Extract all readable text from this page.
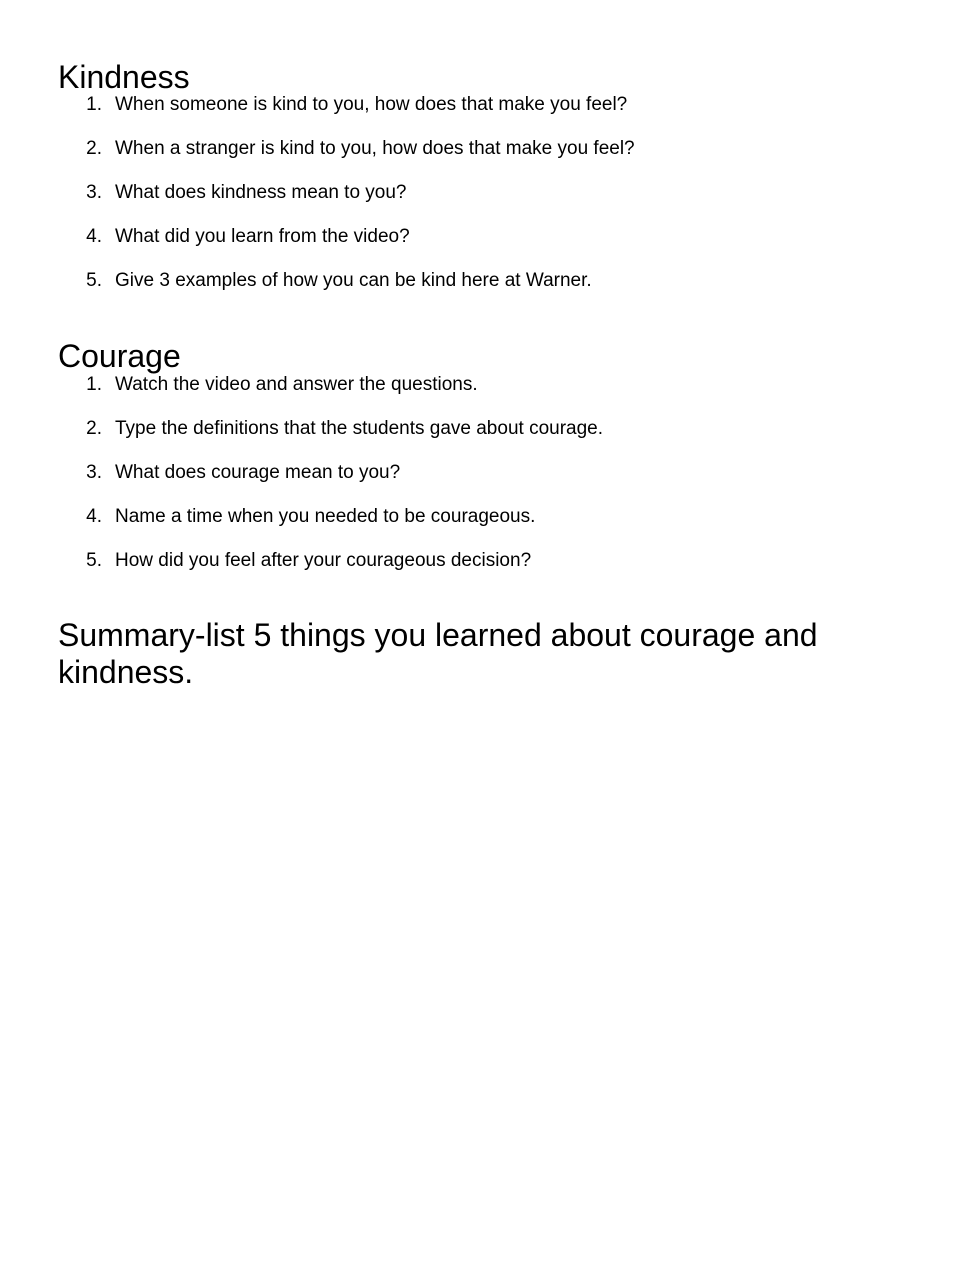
Kindness
1. When someone is kind to you, how does that make you feel?
2. When a stranger is kind to you, how does that make you feel?
3. What does kindness mean to you?
4. What did you learn from the video?
5. Give 3 examples of how you can be kind here at Warner.
Courage
1. Watch the video and answer the questions.
2. Type the definitions that the students gave about courage.
3. What does courage mean to you?
4. Name a time when you needed to be courageous.
5. How did you feel after your courageous decision?
Summary-list 5 things you learned about courage and kindness.
